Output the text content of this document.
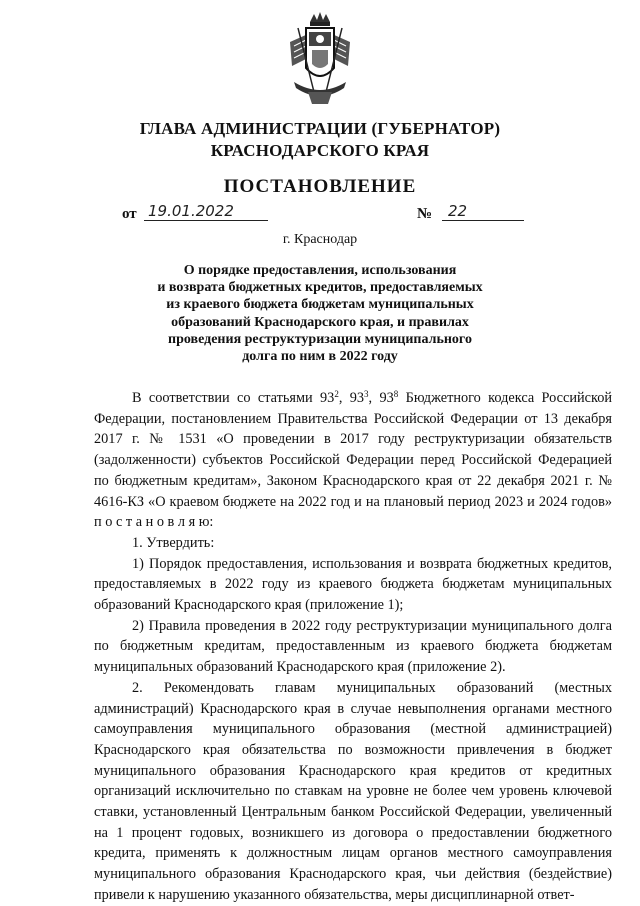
ГЛАВА АДМИНИСТРАЦИИ (ГУБЕРНАТОР)
КРАСНОДАРСКОГО КРАЯ
ПОСТАНОВЛЕНИЕ
от 19.01.2022	№	22
г. Краснодар
О порядке предоставления, использования
и возврата бюджетных кредитов, предоставляемых
из краевого бюджета бюджетам муниципальных
образований Краснодарского края, и правилах
проведения реструктуризации муниципального
долга по ним в 2022 году

В соответствии со статьями $93^2$, $93^3$, $93^8$ Бюджетного кодекса Российской Федерации, постановлением Правительства Российской Федерации от 13 декабря 2017 г. № 1531 «О проведении в 2017 году реструктуризации обязательств (задолженности) субъектов Российской Федерации перед Российской Федерацией по бюджетным кредитам», Законом Краснодарского края от 22 декабря 2021 г. № 4616-КЗ «О краевом бюджете на 2022 год и на плановый период 2023 и 2024 годов» п о с т а н о в л я ю:

1. Утвердить:

1) Порядок предоставления, использования и возврата бюджетных кредитов, предоставляемых в 2022 году из краевого бюджета бюджетам муниципальных образований Краснодарского края (приложение 1);

2) Правила проведения в 2022 году реструктуризации муниципального долга по бюджетным кредитам, предоставленным из краевого бюджета бюджетам муниципальных образований Краснодарского края (приложение 2).

2. Рекомендовать главам муниципальных образований (местных администраций) Краснодарского края в случае невыполнения органами местного самоуправления муниципального образования (местной администрацией) Краснодарского края обязательства по возможности привлечения в бюджет муниципального образования Краснодарского края кредитов от кредитных организаций исключительно по ставкам на уровне не более чем уровень ключевой ставки, установленный Центральным банком Российской Федерации, увеличенный на 1 процент годовых, возникшего из договора о предоставлении бюджетного кредита, применять к должностным лицам органов местного самоуправления муниципального образования Краснодарского края, чьи действия (бездействие) привели к нарушению указанного обязательства, меры дисциплинарной ответ-
